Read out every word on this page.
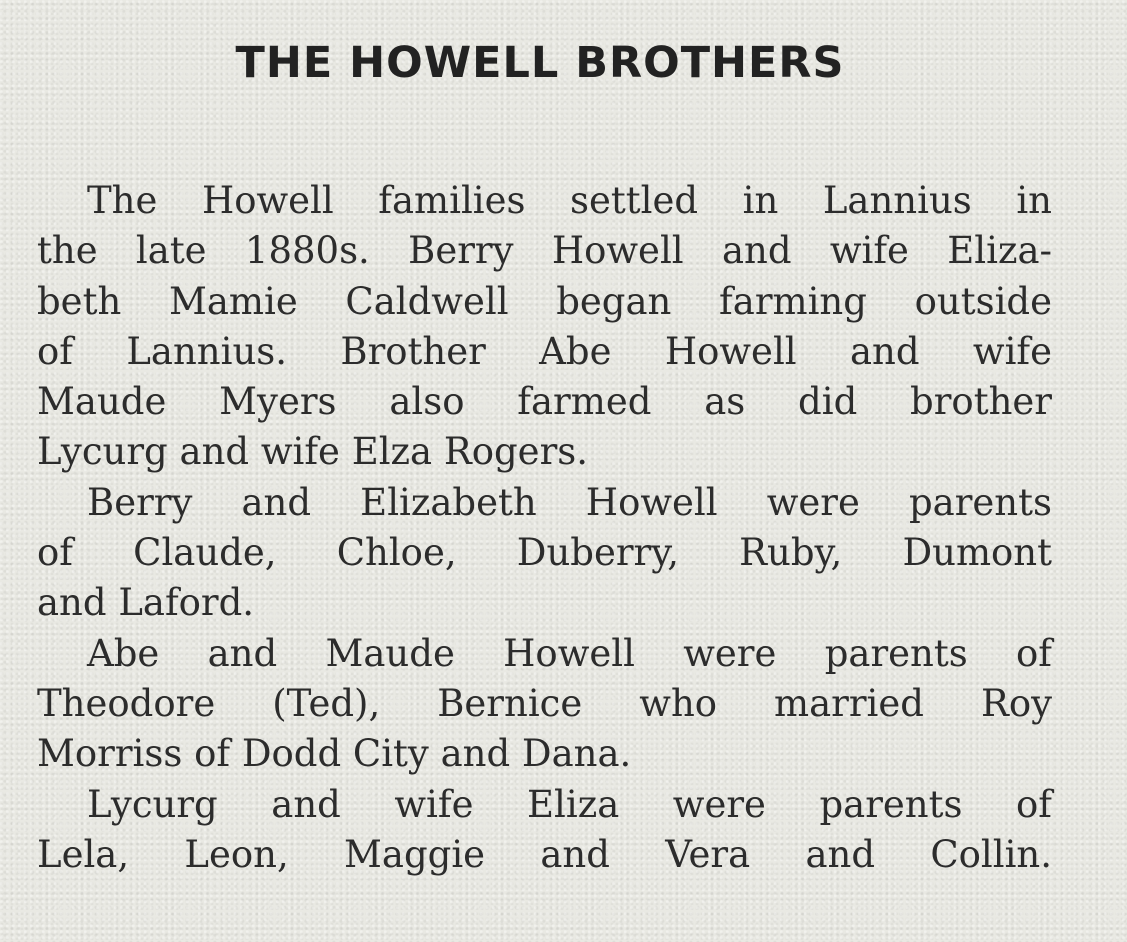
THE HOWELL BROTHERS
The Howell families settled in Lannius in
the late 1880s. Berry Howell and wife Eliza-
beth Mamie Caldwell began farming outside
of Lannius. Brother Abe Howell and wife
Maude Myers also farmed as did brother
Lycurg and wife Elza Rogers.
Berry and Elizabeth Howell were parents
of Claude, Chloe, Duberry, Ruby, Dumont
and Laford.
Abe and Maude Howell were parents of
Theodore (Ted), Bernice who married Roy
Morriss of Dodd City and Dana.
Lycurg and wife Eliza were parents of
Lela, Leon, Maggie and Vera and Collin.
